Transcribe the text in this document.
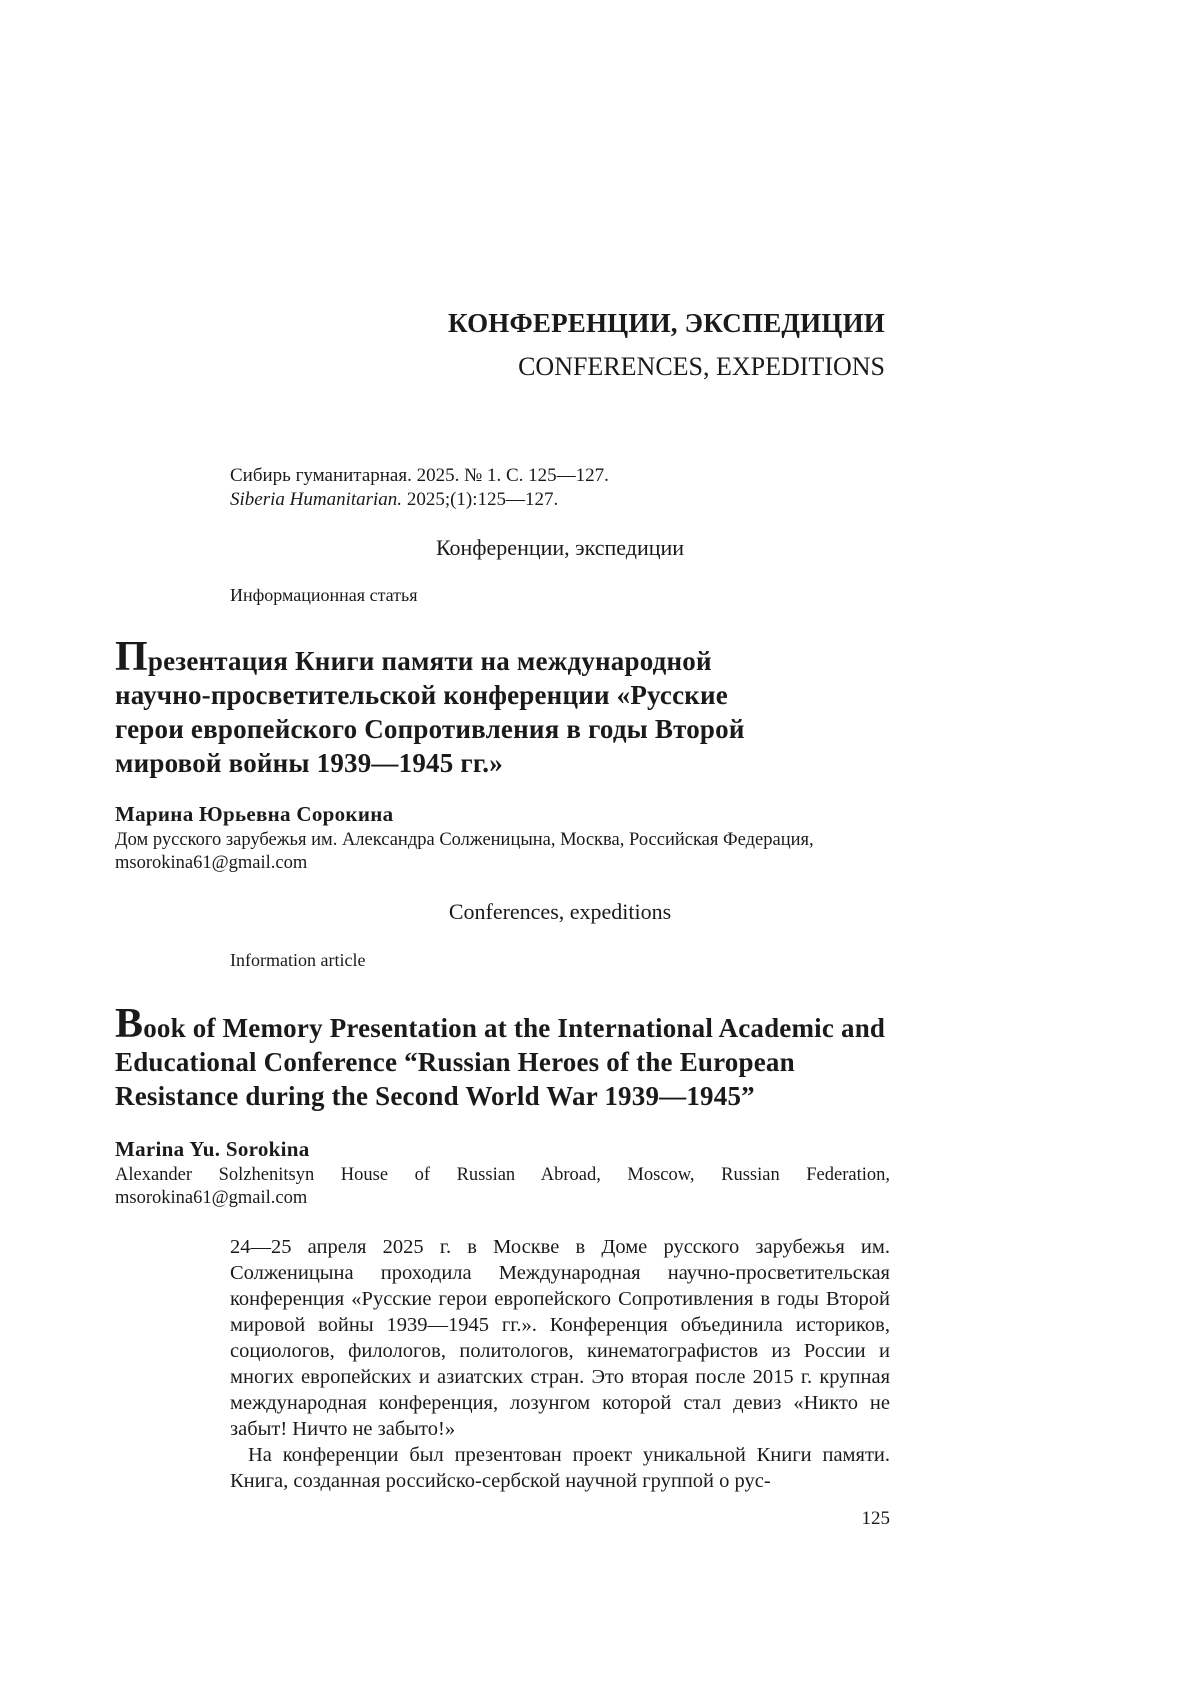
КОНФЕРЕНЦИИ, ЭКСПЕДИЦИИ
CONFERENCES, EXPEDITIONS
Сибирь гуманитарная. 2025. № 1. С. 125—127.
Siberia Humanitarian. 2025;(1):125—127.
Конференции, экспедиции
Информационная статья
Презентация Книги памяти на международной научно-просветительской конференции «Русские герои европейского Сопротивления в годы Второй мировой войны 1939—1945 гг.»
Марина Юрьевна Сорокина
Дом русского зарубежья им. Александра Солженицына, Москва, Российская Федерация, msorokina61@gmail.com
Conferences, expeditions
Information article
Book of Memory Presentation at the International Academic and Educational Conference “Russian Heroes of the European Resistance during the Second World War 1939—1945”
Marina Yu. Sorokina
Alexander Solzhenitsyn House of Russian Abroad, Moscow, Russian Federation, msorokina61@gmail.com

24—25 апреля 2025 г. в Москве в Доме русского зарубежья им. Солженицына проходила Международная научно-просветительская конференция «Русские герои европейского Сопротивления в годы Второй мировой войны 1939—1945 гг.». Конференция объединила историков, социологов, филологов, политологов, кинематографистов из России и многих европейских и азиатских стран. Это вторая после 2015 г. крупная международная конференция, лозунгом которой стал девиз «Никто не забыт! Ничто не забыто!»

На конференции был презентован проект уникальной Книги памяти. Книга, созданная российско-сербской научной группой о рус-

125
